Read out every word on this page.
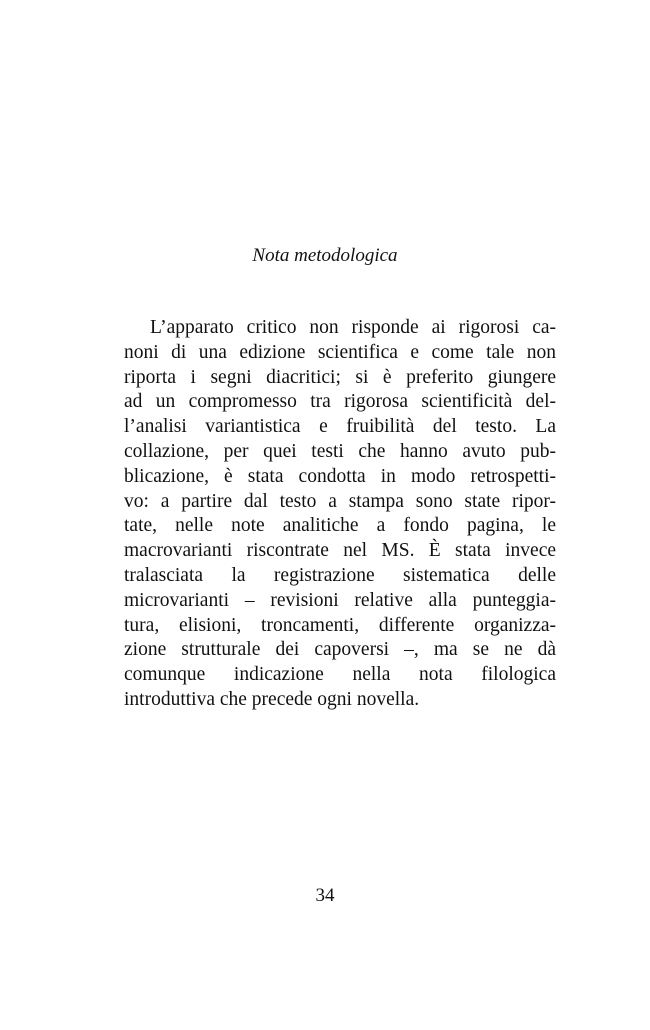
Nota metodologica
L’apparato critico non risponde ai rigorosi ca-
noni di una edizione scientifica e come tale non
riporta i segni diacritici; si è preferito giungere
ad un compromesso tra rigorosa scientificità del-
l’analisi variantistica e fruibilità del testo. La
collazione, per quei testi che hanno avuto pub-
blicazione, è stata condotta in modo retrospetti-
vo: a partire dal testo a stampa sono state ripor-
tate, nelle note analitiche a fondo pagina, le
macrovarianti riscontrate nel MS. È stata invece
tralasciata la registrazione sistematica delle
microvarianti – revisioni relative alla punteggia-
tura, elisioni, troncamenti, differente organizza-
zione strutturale dei capoversi –, ma se ne dà
comunque indicazione nella nota filologica
introduttiva che precede ogni novella.
34
